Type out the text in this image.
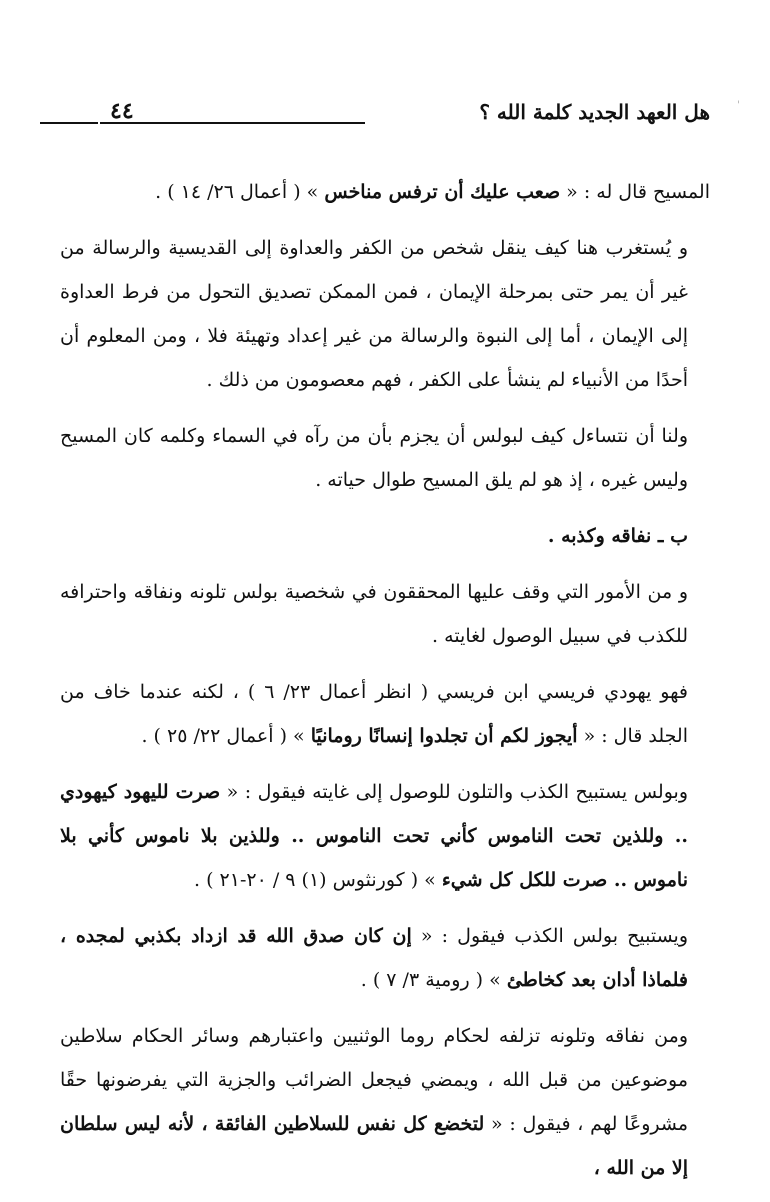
هل العهد الجديد كلمة الله ؟
٤٤	'

المسيح قال له : « صعب عليك أن ترفس مناخس » ( أعمال ٢٦/ ١٤ ) .

و يُستغرب هنا كيف ينقل شخص من الكفر والعداوة إلى القديسية والرسالة من غير أن يمر حتى بمرحلة الإيمان ، فمن الممكن تصديق التحول من فرط العداوة إلى الإيمان ، أما إلى النبوة والرسالة من غير إعداد وتهيئة فلا ، ومن المعلوم أن أحدًا من الأنبياء لم ينشأ على الكفر ، فهم معصومون من ذلك .

ولنا أن نتساءل كيف لبولس أن يجزم بأن من رآه في السماء وكلمه كان المسيح وليس غيره ، إذ هو لم يلق المسيح طوال حياته .

ب ـ نفاقه وكذبه .

و من الأمور التي وقف عليها المحققون في شخصية بولس تلونه ونفاقه واحترافه للكذب في سبيل الوصول لغايته .

فهو يهودي فريسي ابن فريسي ( انظر أعمال ٢٣/ ٦ ) ، لكنه عندما خاف من الجلد قال : « أيجوز لكم أن تجلدوا إنسانًا رومانيًا » ( أعمال ٢٢/ ٢٥ ) .

وبولس يستبيح الكذب والتلون للوصول إلى غايته فيقول : « صرت لليهود كيهودي .. وللذين تحت الناموس كأني تحت الناموس .. وللذين بلا ناموس كأني بلا ناموس .. صرت للكل كل شيء » ( كورنثوس (١) ٩ / ٢٠-٢١ ) .

ويستبيح بولس الكذب فيقول : « إن كان صدق الله قد ازداد بكذبي لمجده ، فلماذا أدان بعد كخاطئ » ( رومية ٣/ ٧ ) .

ومن نفاقه وتلونه تزلفه لحكام روما الوثنيين واعتبارهم وسائر الحكام سلاطين موضوعين من قبل الله ، ويمضي فيجعل الضرائب والجزية التي يفرضونها حقًا مشروعًا لهم ، فيقول : « لتخضع كل نفس للسلاطين الفائقة ، لأنه ليس سلطان إلا من الله ،
